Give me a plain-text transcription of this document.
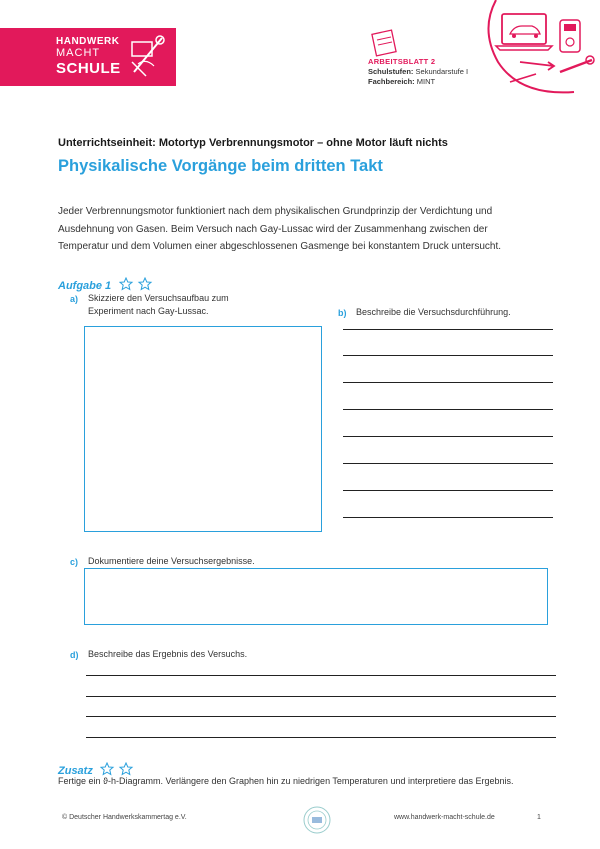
HANDWERK
MACHT
SCHULE	ARBEITSBLATT 2
Schulstufen: Sekundarstufe I
Fachbereich: MINT
Unterrichtseinheit: Motortyp Verbrennungsmotor – ohne Motor läuft nichts
Physikalische Vorgänge beim dritten Takt
Jeder Verbrennungsmotor funktioniert nach dem physikalischen Grundprinzip der Verdichtung und Ausdehnung von Gasen. Beim Versuch nach Gay-Lussac wird der Zusammenhang zwischen der Temperatur und dem Volumen einer abgeschlossenen Gasmenge bei konstantem Druck untersucht.
Aufgabe 1
a) Skizziere den Versuchsaufbau zum Experiment nach Gay-Lussac.	b) Beschreibe die Versuchsdurchführung.
c) Dokumentiere deine Versuchsergebnisse.
d) Beschreibe das Ergebnis des Versuchs.
Zusatz
Fertige ein ϑ-h-Diagramm. Verlängere den Graphen hin zu niedrigen Temperaturen und interpretiere das Ergebnis.
© Deutscher Handwerkskammertag e.V.	www.handwerk-macht-schule.de	1
